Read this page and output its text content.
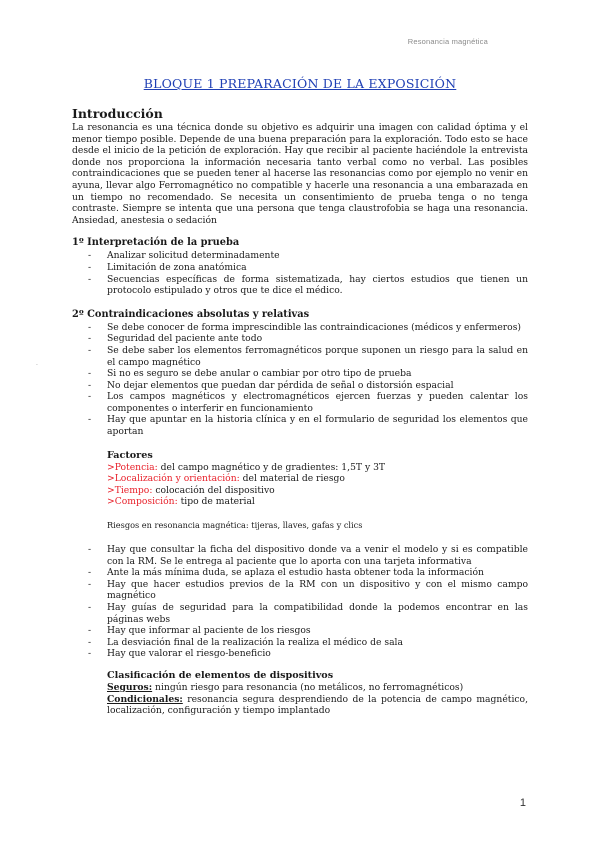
Resonancia magnética
BLOQUE 1 PREPARACIÓN DE LA EXPOSICIÓN
.
Introducción

La resonancia es una técnica donde su objetivo es adquirir una imagen con calidad óptima y el menor tiempo posible. Depende de una buena preparación para la exploración. Todo esto se hace desde el inicio de la petición de exploración. Hay que recibir al paciente haciéndole la entrevista donde nos proporciona la información necesaria tanto verbal como no verbal. Las posibles contraindicaciones que se pueden tener al hacerse las resonancias como por ejemplo no venir en ayuna, llevar algo Ferromagnético no compatible y hacerle una resonancia a una embarazada en un tiempo no recomendado. Se necesita un consentimiento de prueba tenga o no tenga contraste. Siempre se intenta que una persona que tenga claustrofobia se haga una resonancia. Ansiedad, anestesia o sedación

1º Interpretación de la prueba
- Analizar solicitud determinadamente
- Limitación de zona anatómica
- Secuencias específicas de forma sistematizada, hay ciertos estudios que tienen un protocolo estipulado y otros que te dice el médico.
2º Contraindicaciones absolutas y relativas
- Se debe conocer de forma imprescindible las contraindicaciones (médicos y enfermeros)
- Seguridad del paciente ante todo
- Se debe saber los elementos ferromagnéticos porque suponen un riesgo para la salud en el campo magnético
- Si no es seguro se debe anular o cambiar por otro tipo de prueba
- No dejar elementos que puedan dar pérdida de señal o distorsión espacial
- Los campos magnéticos y electromagnéticos ejercen fuerzas y pueden calentar los componentes o interferir en funcionamiento
- Hay que apuntar en la historia clínica y en el formulario de seguridad los elementos que aportan
Factores

>Potencia: del campo magnético y de gradientes: 1,5T y 3T

>Localización y orientación: del material de riesgo

>Tiempo: colocación del dispositivo

>Composición: tipo de material

Riesgos en resonancia magnética: tijeras, llaves, gafas y clics

- Hay que consultar la ficha del dispositivo donde va a venir el modelo y si es compatible con la RM. Se le entrega al paciente que lo aporta con una tarjeta informativa
- Ante la más mínima duda, se aplaza el estudio hasta obtener toda la información
- Hay que hacer estudios previos de la RM con un dispositivo y con el mismo campo magnético
- Hay guías de seguridad para la compatibilidad donde la podemos encontrar en las páginas webs
- Hay que informar al paciente de los riesgos
- La desviación final de la realización la realiza el médico de sala
- Hay que valorar el riesgo-beneficio
Clasificación de elementos de dispositivos

Seguros: ningún riesgo para resonancia (no metálicos, no ferromagnéticos)

Condicionales: resonancia segura desprendiendo de la potencia de campo magnético, localización, configuración y tiempo implantado

1
